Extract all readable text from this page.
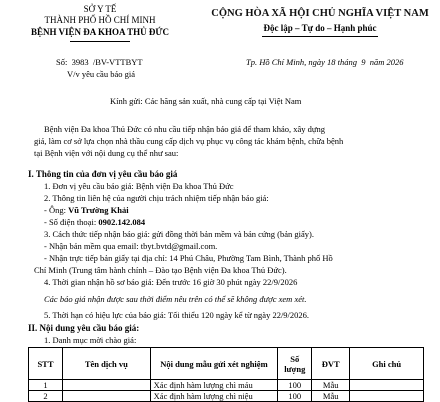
SỞ Y TẾ
THÀNH PHỐ HỒ CHÍ MINH
BỆNH VIỆN ĐA KHOA THỦ ĐỨC
CỘNG HÒA XÃ HỘI CHỦ NGHĨA VIỆT NAM
Độc lập – Tự do – Hạnh phúc
Số:  3983  /BV-VTTBYT
V/v yêu cầu báo giá
Tp. Hồ Chí Minh, ngày 18 tháng  9  năm 2026
Kính gửi: Các hãng sản xuất, nhà cung cấp tại Việt Nam
Bệnh viện Đa khoa Thủ Đức có nhu cầu tiếp nhận báo giá để tham khảo, xây dựng
giá, làm cơ sở lựa chọn nhà thầu cung cấp dịch vụ phục vụ công tác khám bệnh, chữa bệnh
tại Bệnh viện với nội dung cụ thể như sau:
I. Thông tin của đơn vị yêu cầu báo giá
1. Đơn vị yêu cầu báo giá: Bệnh viện Đa khoa Thủ Đức
2. Thông tin liên hệ của người chịu trách nhiệm tiếp nhận báo giá:
- Ông: Vũ Trường Khải
- Số điện thoại: 0902.142.084
3. Cách thức tiếp nhận báo giá: gửi đồng thời bản mềm và bản cứng (bản giấy).
- Nhận bản mềm qua email: tbyt.bvtd@gmail.com.
- Nhận trực tiếp bản giấy tại địa chỉ: 14 Phú Châu, Phường Tam Bình, Thành phố Hồ
Chí Minh (Trung tâm hành chính – Đào tạo Bệnh viện Đa khoa Thủ Đức).
4. Thời gian nhận hồ sơ báo giá: Đến trước 16 giờ 30 phút ngày 22/9/2026
Các báo giá nhận được sau thời điểm nêu trên có thể sẽ không được xem xét.
5. Thời hạn có hiệu lực của báo giá: Tối thiểu 120 ngày kể từ ngày 22/9/2026.
II. Nội dung yêu cầu báo giá:
1. Danh mục mời chào giá:
STT	Tên dịch vụ	Nội dung mẫu gửi xét nghiệm	Số lượng	ĐVT	Ghi chú
1		Xác định hàm lượng chì máu	100	Mẫu	
2		Xác định hàm lượng chì niệu	100	Mẫu	
